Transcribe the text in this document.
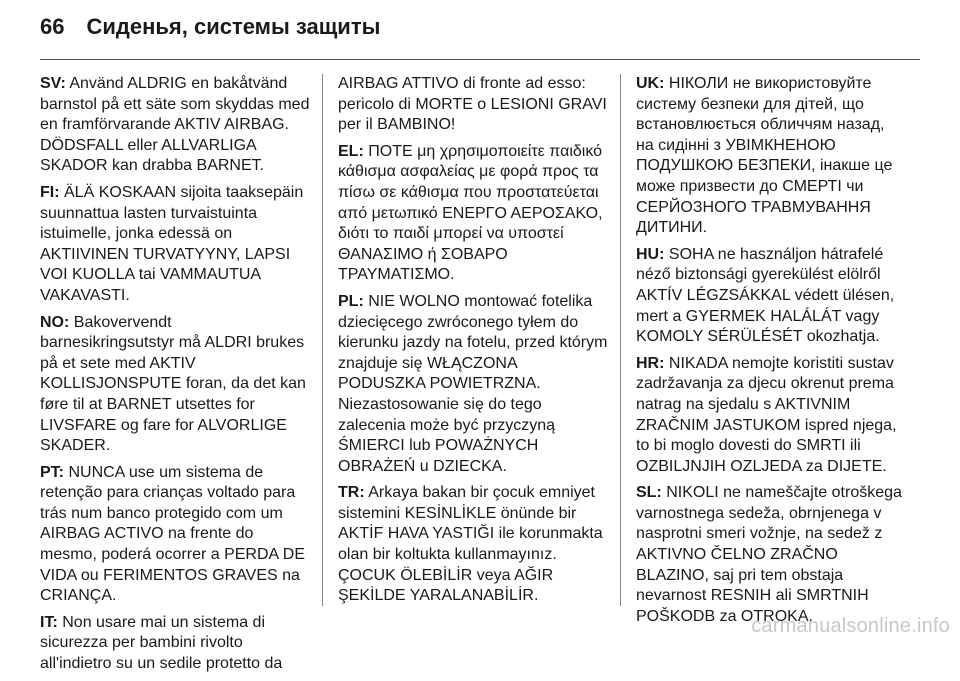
66 Сиденья, системы защиты

SV: Använd ALDRIG en bakåtvänd barnstol på ett säte som skyddas med en framförvarande AKTIV AIRBAG. DÖDSFALL eller ALLVARLIGA SKADOR kan drabba BARNET.

FI: ÄLÄ KOSKAAN sijoita taaksepäin suunnattua lasten turvaistuinta istuimelle, jonka edessä on AKTIIVINEN TURVATYYNY, LAPSI VOI KUOLLA tai VAMMAUTUA VAKAVASTI.

NO: Bakovervendt barnesikringsutstyr må ALDRI brukes på et sete med AKTIV KOLLISJONSPUTE foran, da det kan føre til at BARNET utsettes for LIVSFARE og fare for ALVORLIGE SKADER.

PT: NUNCA use um sistema de retenção para crianças voltado para trás num banco protegido com um AIRBAG ACTIVO na frente do mesmo, poderá ocorrer a PERDA DE VIDA ou FERIMENTOS GRAVES na CRIANÇA.

IT: Non usare mai un sistema di sicurezza per bambini rivolto all'indietro su un sedile protetto da

AIRBAG ATTIVO di fronte ad esso: pericolo di MORTE o LESIONI GRAVI per il BAMBINO!

EL: ΠΟΤΕ μη χρησιμοποιείτε παιδικό κάθισμα ασφαλείας με φορά προς τα πίσω σε κάθισμα που προστατεύεται από μετωπικό ΕΝΕΡΓΟ ΑΕΡΟΣΑΚΟ, διότι το παιδί μπορεί να υποστεί ΘΑΝΑΣΙΜΟ ή ΣΟΒΑΡΟ ΤΡΑΥΜΑΤΙΣΜΟ.

PL: NIE WOLNO montować fotelika dziecięcego zwróconego tyłem do kierunku jazdy na fotelu, przed którym znajduje się WŁĄCZONA PODUSZKA POWIETRZNA. Niezastosowanie się do tego zalecenia może być przyczyną ŚMIERCI lub POWAŻNYCH OBRAŻEŃ u DZIECKA.

TR: Arkaya bakan bir çocuk emniyet sistemini KESİNLİKLE önünde bir AKTİF HAVA YASTIĞI ile korunmakta olan bir koltukta kullanmayınız. ÇOCUK ÖLEBİLİR veya AĞIR ŞEKİLDE YARALANABİLİR.

UK: НІКОЛИ не використовуйте систему безпеки для дітей, що встановлюється обличчям назад, на сидінні з УВІМКНЕНОЮ ПОДУШКОЮ БЕЗПЕКИ, інакше це може призвести до СМЕРТІ чи СЕРЙОЗНОГО ТРАВМУВАННЯ ДИТИНИ.

HU: SOHA ne használjon hátrafelé néző biztonsági gyerekülést elölről AKTÍV LÉGZSÁKKAL védett ülésen, mert a GYERMEK HALÁLÁT vagy KOMOLY SÉRÜLÉSÉT okozhatja.

HR: NIKADA nemojte koristiti sustav zadržavanja za djecu okrenut prema natrag na sjedalu s AKTIVNIM ZRAČNIM JASTUKOM ispred njega, to bi moglo dovesti do SMRTI ili OZBILJNJIH OZLJEDA za DIJETE.

SL: NIKOLI ne nameščajte otroškega varnostnega sedeža, obrnjenega v nasprotni smeri vožnje, na sedež z AKTIVNO ČELNO ZRAČNO BLAZINO, saj pri tem obstaja nevarnost RESNIH ali SMRTNIH POŠKODB za OTROKA.

carmanualsonline.info
